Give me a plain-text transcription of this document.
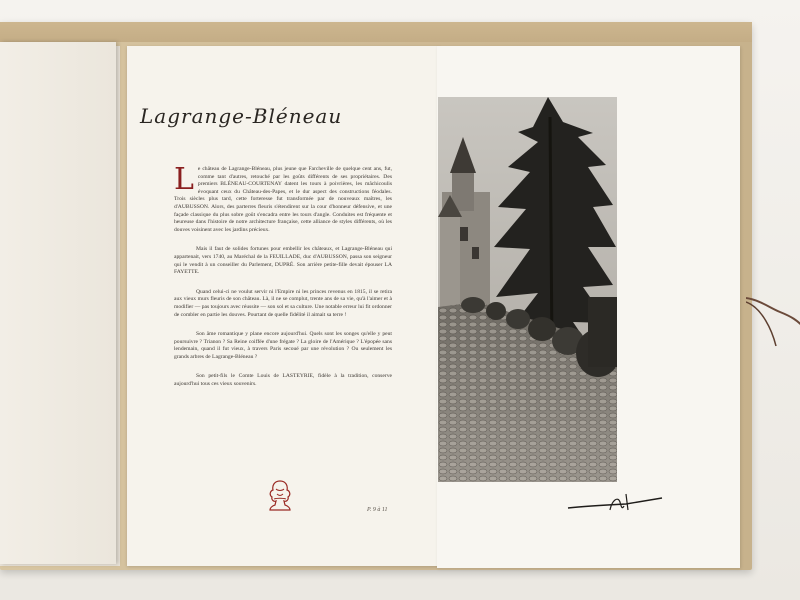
Lagrange-Bléneau

L e château de Lagrange-Bléneau, plus jeune que Farcheville de quelque cent ans, fut, comme tant d'autres, retouché par les goûts différents de ses propriétaires. Des premiers BLÉNEAU-COURTENAY datent les tours à poivrières, les mâchicoulis évoquant ceux du Château-des-Papes, et le dur aspect des constructions féodales. Trois siècles plus tard, cette forteresse fut transformée par de nouveaux maîtres, les d'AUBUSSON. Alors, des parterres fleuris s'étendirent sur la cour d'honneur défensive, et une façade classique du plus sobre goût s'encadra entre les tours d'angle. Conduites est fréquente et heureuse dans l'histoire de notre architecture française, cette alliance de styles différents, où les douves voisinent avec les jardins précieux.

Mais il faut de solides fortunes pour embellir les châteaux, et Lagrange-Bléneau qui appartenait, vers 1740, au Maréchal de la FEUILLADE, duc d'AUBUSSON, passa son seigneur qui le vendit à un conseiller du Parlement, DUPRÉ. Son arrière petite-fille devait épouser LA FAYETTE.

Quand celui-ci ne voulut servir ni l'Empire ni les princes revenus en 1815, il se retira aux vieux murs fleuris de son château. Là, il ne se complut, trente ans de sa vie, qu'à l'aimer et à modifier — pas toujours avec réussite — son sol et sa culture. Une notable erreur lui fit ordonner de combler en partie les douves. Pourtant de quelle fidélité il aimait sa terre !

Son âme romantique y plane encore aujourd'hui. Quels sont les songes qu'elle y peut poursuivre ? Trianon ? Sa Reine coiffée d'une frégate ? La gloire de l'Amérique ? L'épopée sans lendemain, quand il fut vieux, à travers Paris secoué par une révolution ? Ou seulement les grands arbres de Lagrange-Bléneau ?

Son petit-fils le Comte Louis de LASTEYRIE, fidèle à la tradition, conserve aujourd'hui tous ces vieux souvenirs.

P. 9 à 11
